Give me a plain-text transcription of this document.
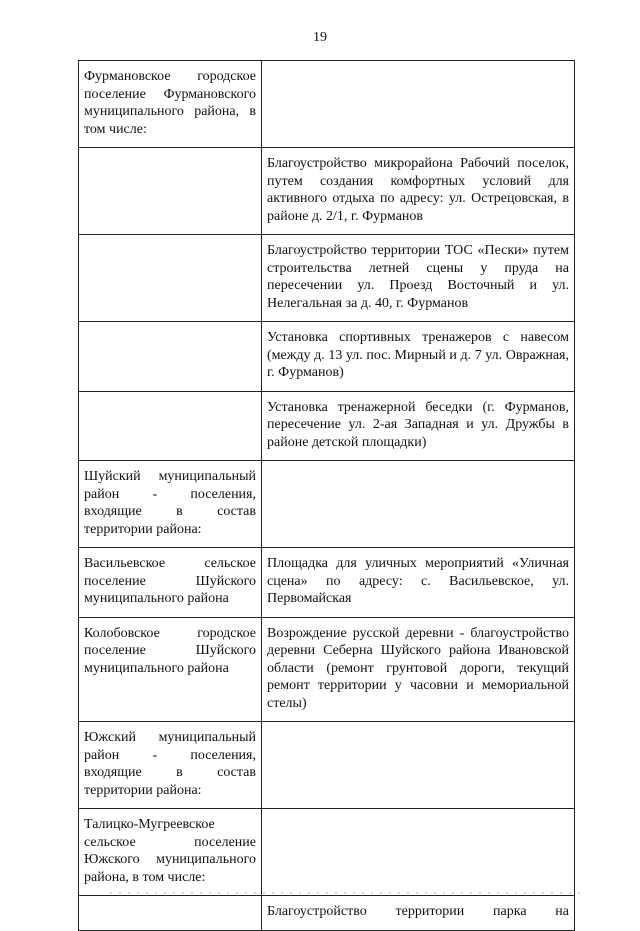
19
Фурмановское городское поселение Фурмановского муниципального района, в том числе:	
	Благоустройство микрорайона Рабочий поселок, путем создания комфортных условий для активного отдыха по адресу: ул. Острецовская, в районе д. 2/1, г. Фурманов
	Благоустройство территории ТОС «Пески» путем строительства летней сцены у пруда на пересечении ул. Проезд Восточный и ул. Нелегальная за д. 40, г. Фурманов
	Установка спортивных тренажеров с навесом (между д. 13 ул. пос. Мирный и д. 7 ул. Овражная, г. Фурманов)
	Установка тренажерной беседки (г. Фурманов, пересечение ул. 2-ая Западная и ул. Дружбы в районе детской площадки)
Шуйский муниципальный район - поселения, входящие в состав территории района:	
Васильевское сельское поселение Шуйского муниципального района	Площадка для уличных мероприятий «Уличная сцена» по адресу: с. Васильевское, ул. Первомайская
Колобовское городское поселение Шуйского муниципального района	Возрождение русской деревни - благоустройство деревни Себерна Шуйского района Ивановской области (ремонт грунтовой дороги, текущий ремонт территории у часовни и мемориальной стелы)
Южский муниципальный район - поселения, входящие в состав территории района:	
Талицко-Мугреевское сельское поселение Южского муниципального района, в том числе:	
	Благоустройство территории парка на
